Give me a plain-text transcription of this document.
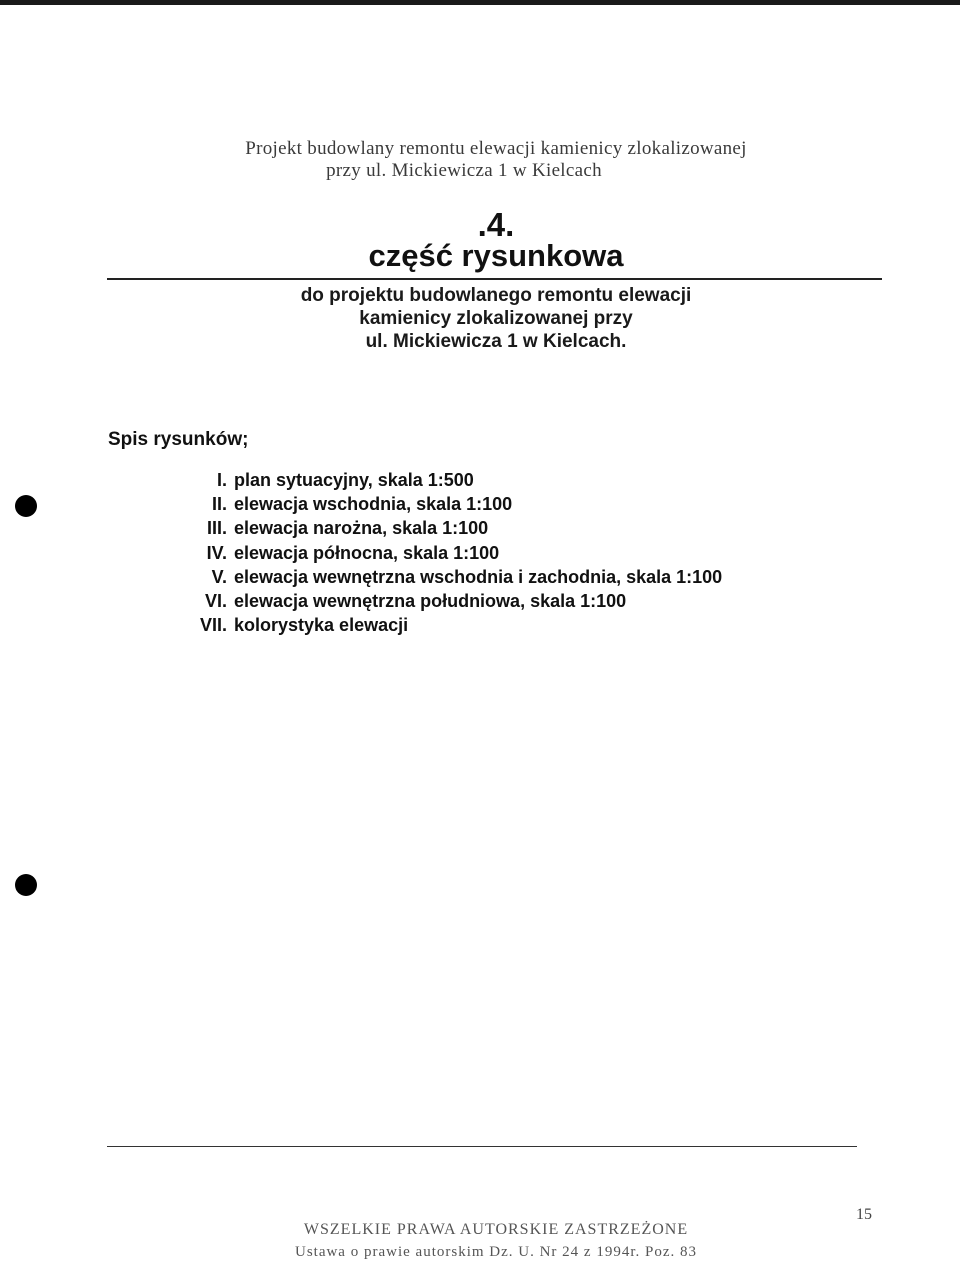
Projekt budowlany remontu elewacji kamienicy zlokalizowanej
przy ul. Mickiewicza 1 w Kielcach
.4.
część rysunkowa
do projektu budowlanego remontu elewacji
kamienicy zlokalizowanej przy
ul. Mickiewicza 1 w Kielcach.
Spis rysunków;
I. plan sytuacyjny, skala 1:500
II. elewacja wschodnia, skala 1:100
III. elewacja narożna, skala 1:100
IV. elewacja północna, skala 1:100
V. elewacja wewnętrzna wschodnia i zachodnia, skala 1:100
VI. elewacja wewnętrzna południowa, skala 1:100
VII. kolorystyka elewacji
15
WSZELKIE PRAWA AUTORSKIE ZASTRZEŻONE
Ustawa o prawie autorskim Dz. U. Nr 24 z 1994r. Poz. 83
